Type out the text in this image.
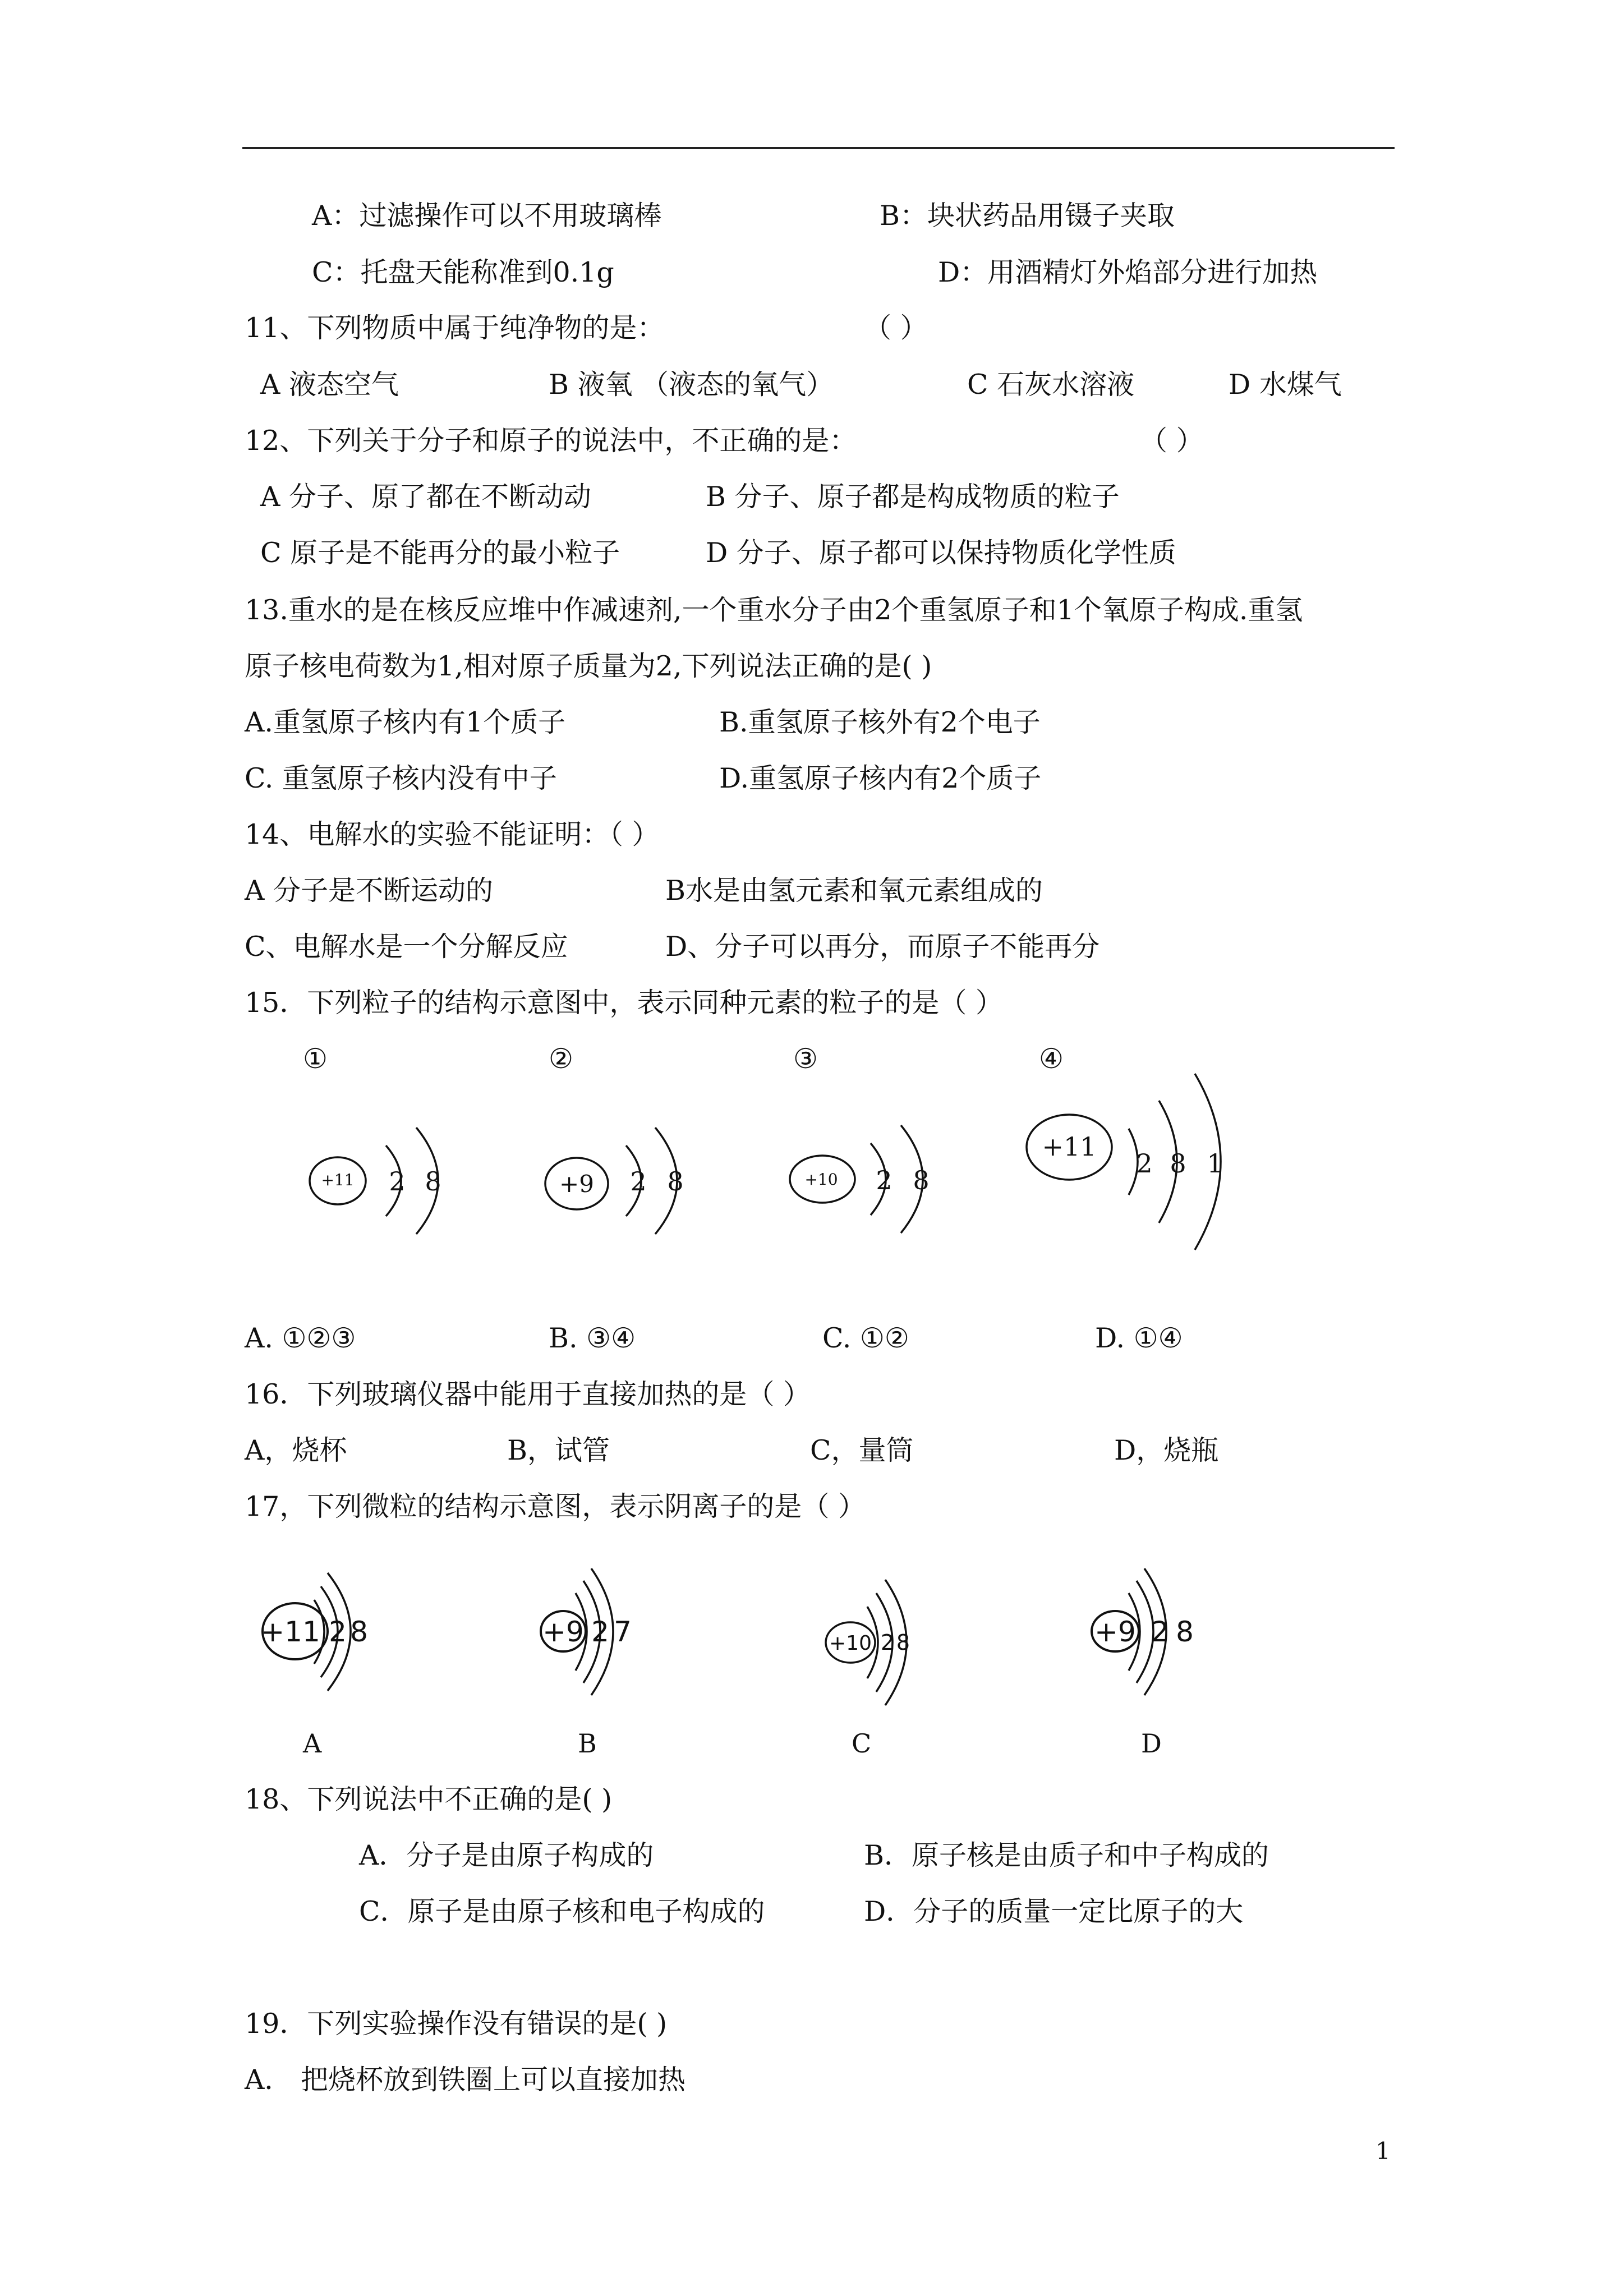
A：过滤操作可以不用玻璃棒	B：块状药品用镊子夹取
C：托盘天能称准到0.1g	D：用酒精灯外焰部分进行加热
11、下列物质中属于纯净物的是：	（ ）
A 液态空气	B 液氧 （液态的氧气）	C 石灰水溶液	D 水煤气
12、下列关于分子和原子的说法中，不正确的是：	（ ）
A 分子、原了都在不断动动	B 分子、原子都是构成物质的粒子
C 原子是不能再分的最小粒子	D 分子、原子都可以保持物质化学性质
13.重水的是在核反应堆中作减速剂,一个重水分子由2个重氢原子和1个氧原子构成.重氢
原子核电荷数为1,相对原子质量为2,下列说法正确的是( )
A.重氢原子核内有1个质子	B.重氢原子核外有2个电子
C. 重氢原子核内没有中子	D.重氢原子核内有2个质子
14、电解水的实验不能证明：（ ）
A 分子是不断运动的	B水是由氢元素和氧元素组成的
C、电解水是一个分解反应	D、分子可以再分，而原子不能再分
15．下列粒子的结构示意图中，表示同种元素的粒子的是（ ）
①	②	③	④
+11 2 8	+9 2 8	+10 2 8
+11
2 8 1
A. ①②③	B. ③④	C. ①②	D. ①④
16．下列玻璃仪器中能用于直接加热的是（ ）
A，烧杯	B，试管	C，量筒	D，烧瓶
17，下列微粒的结构示意图，表示阴离子的是（ ）
+11 2 8	+9 2 7	+10 2 8	+9 2 8
A	B	C	D
18、下列说法中不正确的是( )
A．分子是由原子构成的	B．原子核是由质子和中子构成的
C．原子是由原子核和电子构成的	D．分子的质量一定比原子的大
19．下列实验操作没有错误的是( )
A． 把烧杯放到铁圈上可以直接加热
1
